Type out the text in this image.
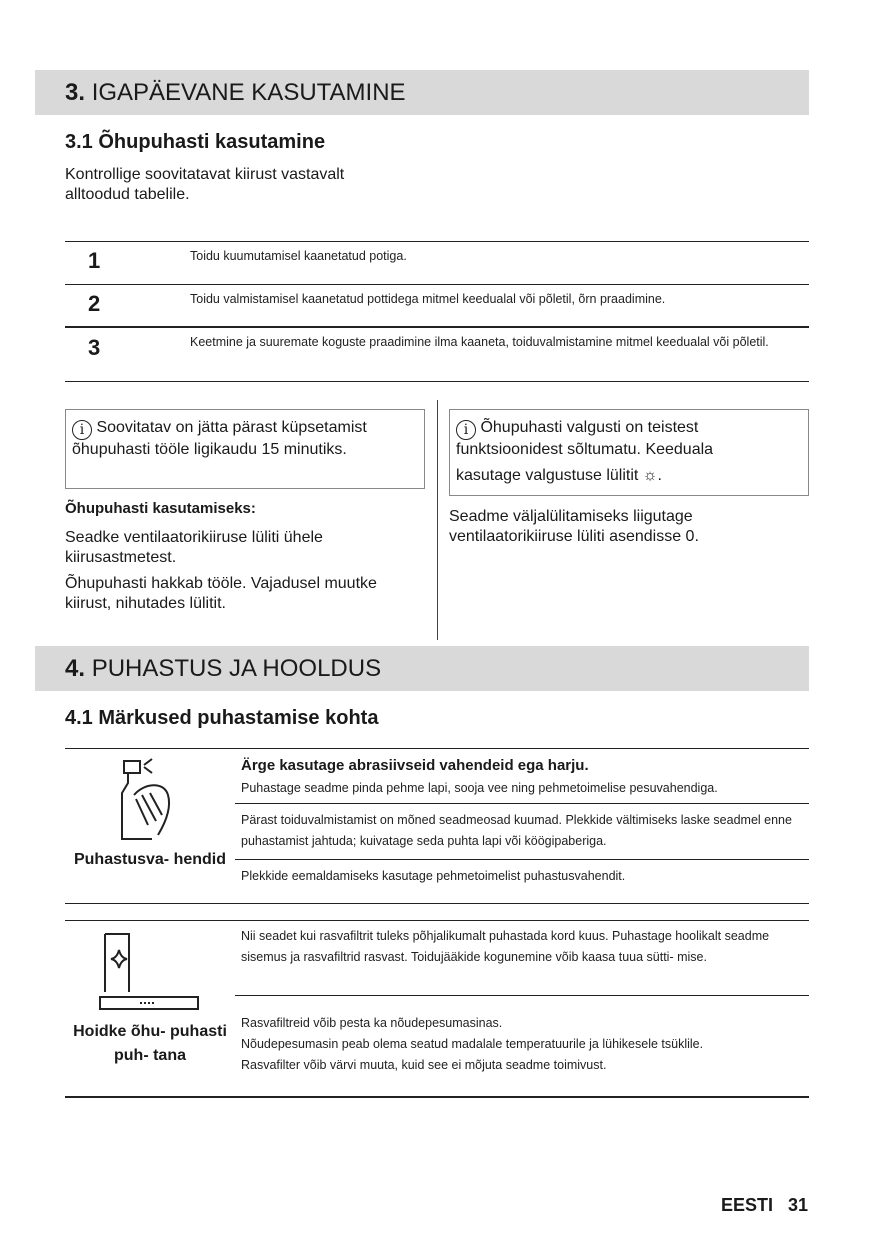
3. IGAPÄEVANE KASUTAMINE
3.1 Õhupuhasti kasutamine
Kontrollige soovitatavat kiirust vastavalt
alltoodud tabelile.
1	Toidu kuumutamisel kaanetatud potiga.
2	Toidu valmistamisel kaanetatud pottidega mitmel keedualal või põletil, õrn praadimine.
3	Keetmine ja suuremate koguste praadimine ilma kaaneta, toiduvalmistamine mitmel keedualal või põletil.
i Soovitatav on jätta pärast küpsetamist õhupuhasti tööle ligikaudu 15 minutiks.
Õhupuhasti kasutamiseks:
Seadke ventilaatorikiiruse lüliti ühele kiirusastmetest.
Õhupuhasti hakkab tööle. Vajadusel muutke kiirust, nihutades lülitit.
i Õhupuhasti valgusti on teistest funktsioonidest sõltumatu. Keeduala
kasutage valgustuse lülitit ☼.
Seadme väljalülitamiseks liigutage ventilaatorikiiruse lüliti asendisse 0.
4. PUHASTUS JA HOOLDUS
4.1 Märkused puhastamise kohta
Puhastusva- hendid
Ärge kasutage abrasiivseid vahendeid ega harju.
Puhastage seadme pinda pehme lapi, sooja vee ning pehmetoimelise pesuvahendiga.
Pärast toiduvalmistamist on mõned seadmeosad kuumad. Plekkide vältimiseks laske seadmel enne puhastamist jahtuda; kuivatage seda puhta lapi või köögipaberiga.
Plekkide eemaldamiseks kasutage pehmetoimelist puhastusvahendit.
Hoidke õhu- puhasti puh- tana
Nii seadet kui rasvafiltrit tuleks põhjalikumalt puhastada kord kuus. Puhastage hoolikalt seadme sisemus ja rasvafiltrid rasvast. Toidujääkide kogunemine võib kaasa tuua sütti- mise.
Rasvafiltreid võib pesta ka nõudepesumasinas.
Nõudepesumasin peab olema seatud madalale temperatuurile ja lühikesele tsüklile.
Rasvafilter võib värvi muuta, kuid see ei mõjuta seadme toimivust.
EESTI 31
